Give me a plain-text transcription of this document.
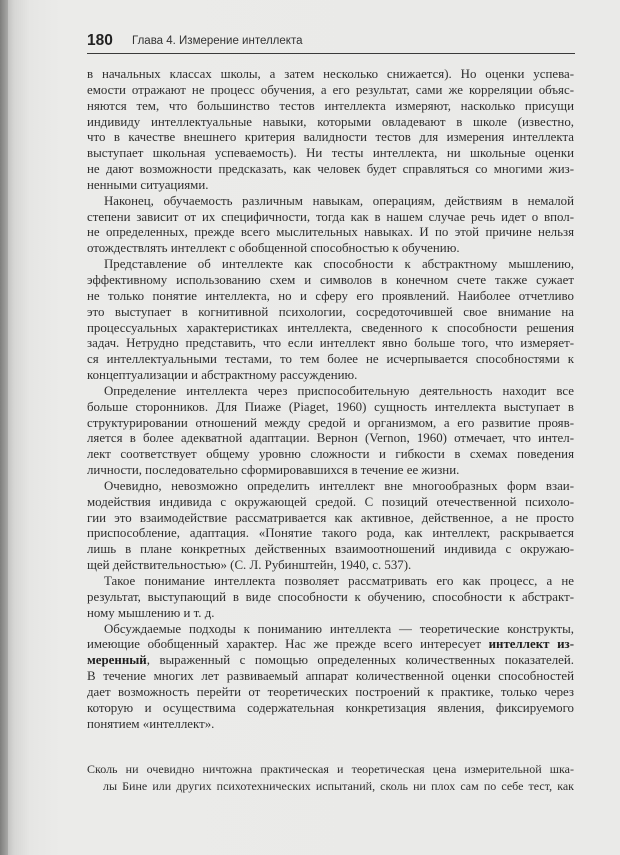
180 Глава 4. Измерение интеллекта
в начальных классах школы, а затем несколько снижается). Но оценки успева-
емости отражают не процесс обучения, а его результат, сами же корреляции объяс-
няются тем, что большинство тестов интеллекта измеряют, насколько присущи
индивиду интеллектуальные навыки, которыми овладевают в школе (известно,
что в качестве внешнего критерия валидности тестов для измерения интеллекта
выступает школьная успеваемость). Ни тесты интеллекта, ни школьные оценки
не дают возможности предсказать, как человек будет справляться со многими жиз-
ненными ситуациями.
Наконец, обучаемость различным навыкам, операциям, действиям в немалой
степени зависит от их специфичности, тогда как в нашем случае речь идет о впол-
не определенных, прежде всего мыслительных навыках. И по этой причине нельзя
отождествлять интеллект с обобщенной способностью к обучению.
Представление об интеллекте как способности к абстрактному мышлению,
эффективному использованию схем и символов в конечном счете также сужает
не только понятие интеллекта, но и сферу его проявлений. Наиболее отчетливо
это выступает в когнитивной психологии, сосредоточившей свое внимание на
процессуальных характеристиках интеллекта, сведенного к способности решения
задач. Нетрудно представить, что если интеллект явно больше того, что измеряет-
ся интеллектуальными тестами, то тем более не исчерпывается способностями к
концептуализации и абстрактному рассуждению.
Определение интеллекта через приспособительную деятельность находит все
больше сторонников. Для Пиаже (Piaget, 1960) сущность интеллекта выступает в
структурировании отношений между средой и организмом, а его развитие прояв-
ляется в более адекватной адаптации. Вернон (Vernon, 1960) отмечает, что интел-
лект соответствует общему уровню сложности и гибкости в схемах поведения
личности, последовательно сформировавшихся в течение ее жизни.
Очевидно, невозможно определить интеллект вне многообразных форм взаи-
модействия индивида с окружающей средой. С позиций отечественной психоло-
гии это взаимодействие рассматривается как активное, действенное, а не просто
приспособление, адаптация. «Понятие такого рода, как интеллект, раскрывается
лишь в плане конкретных действенных взаимоотношений индивида с окружаю-
щей действительностью» (С. Л. Рубинштейн, 1940, с. 537).
Такое понимание интеллекта позволяет рассматривать его как процесс, а не
результат, выступающий в виде способности к обучению, способности к абстракт-
ному мышлению и т. д.
Обсуждаемые подходы к пониманию интеллекта — теоретические конструкты,
имеющие обобщенный характер. Нас же прежде всего интересует интеллект из-
меренный, выраженный с помощью определенных количественных показателей.
В течение многих лет развиваемый аппарат количественной оценки способностей
дает возможность перейти от теоретических построений к практике, только через
которую и осуществима содержательная конкретизация явления, фиксируемого
понятием «интеллект».
Сколь ни очевидно ничтожна практическая и теоретическая цена измерительной шка-
лы Бине или других психотехнических испытаний, сколь ни плох сам по себе тест, как
